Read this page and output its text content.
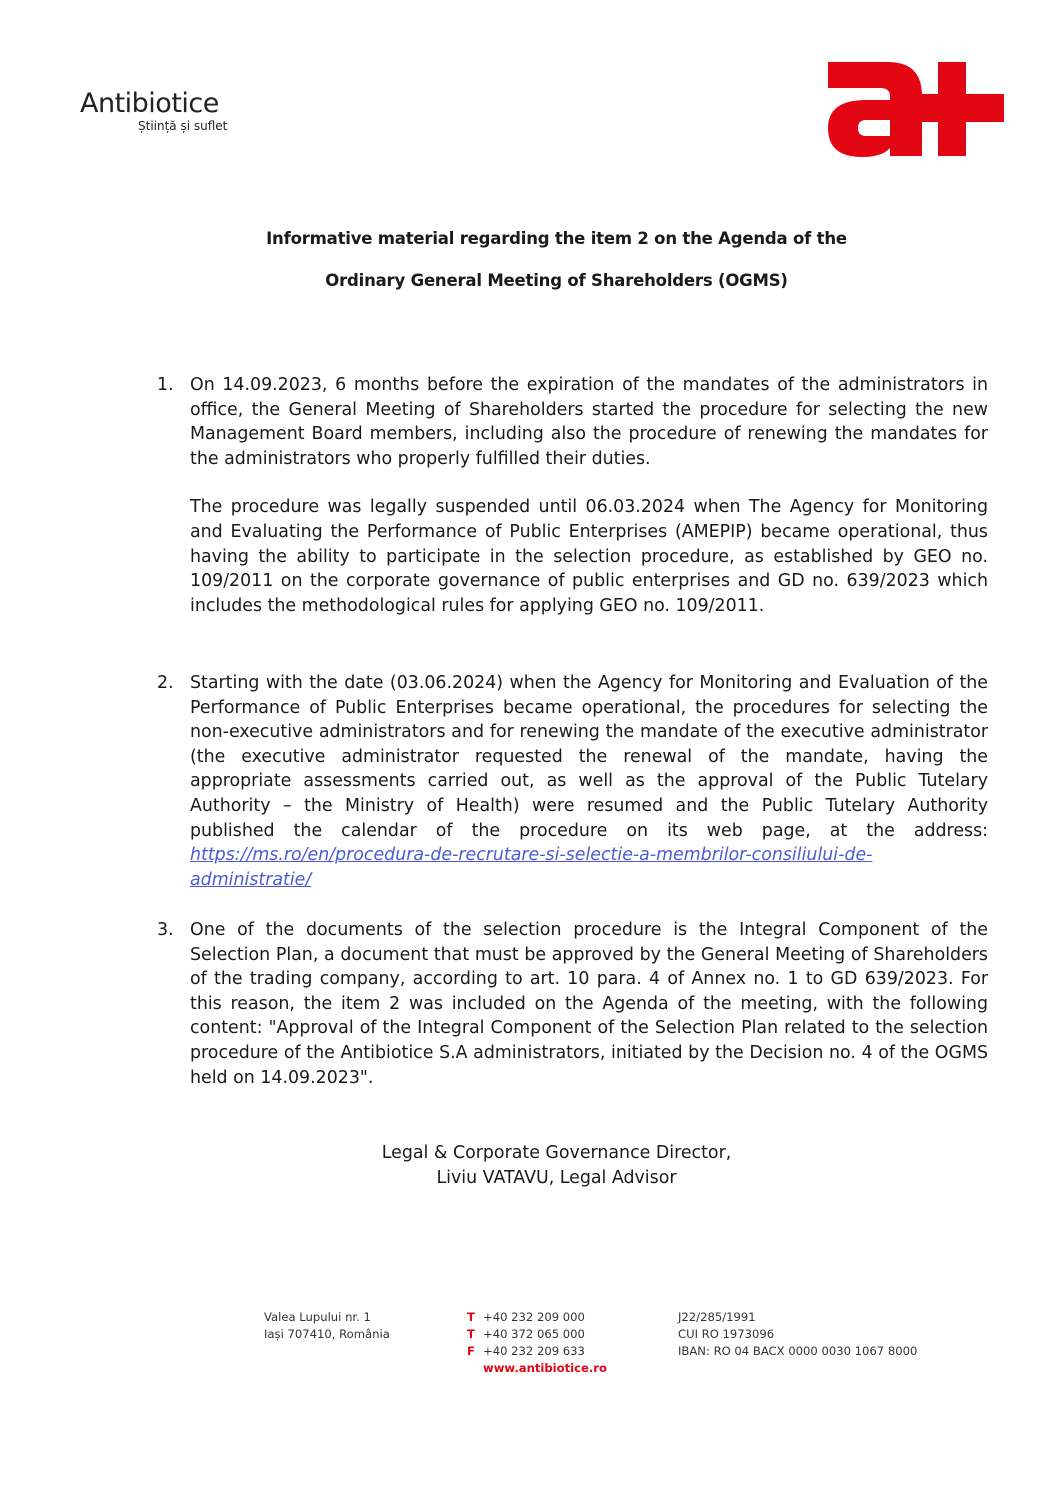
Antibiotice
Știință și suflet
Informative material regarding the item 2 on the Agenda of the
Ordinary General Meeting of Shareholders (OGMS)
1. On 14.09.2023, 6 months before the expiration of the mandates of the administrators in office, the General Meeting of Shareholders started the procedure for selecting the new Management Board members, including also the procedure of renewing the mandates for the administrators who properly fulfilled their duties.

The procedure was legally suspended until 06.03.2024 when The Agency for Monitoring and Evaluating the Performance of Public Enterprises (AMEPIP) became operational, thus having the ability to participate in the selection procedure, as established by GEO no. 109/2011 on the corporate governance of public enterprises and GD no. 639/2023 which includes the methodological rules for applying GEO no. 109/2011.

2. Starting with the date (03.06.2024) when the Agency for Monitoring and Evaluation of the Performance of Public Enterprises became operational, the procedures for selecting the non-executive administrators and for renewing the mandate of the executive administrator (the executive administrator requested the renewal of the mandate, having the appropriate assessments carried out, as well as the approval of the Public Tutelary Authority – the Ministry of Health) were resumed and the Public Tutelary Authority published the calendar of the procedure on its web page, at the address: https://ms.ro/en/procedura-de-recrutare-si-selectie-a-membrilor-consiliului-de-administratie/

3. One of the documents of the selection procedure is the Integral Component of the Selection Plan, a document that must be approved by the General Meeting of Shareholders of the trading company, according to art. 10 para. 4 of Annex no. 1 to GD 639/2023. For this reason, the item 2 was included on the Agenda of the meeting, with the following content: "Approval of the Integral Component of the Selection Plan related to the selection procedure of the Antibiotice S.A administrators, initiated by the Decision no. 4 of the OGMS held on 14.09.2023".

Legal & Corporate Governance Director,
Liviu VATAVU, Legal Advisor
Valea Lupului nr. 1
Iași 707410, România
T +40 232 209 000
T +40 372 065 000
F +40 232 209 633
www.antibiotice.ro
J22/285/1991
CUI RO 1973096
IBAN: RO 04 BACX 0000 0030 1067 8000
